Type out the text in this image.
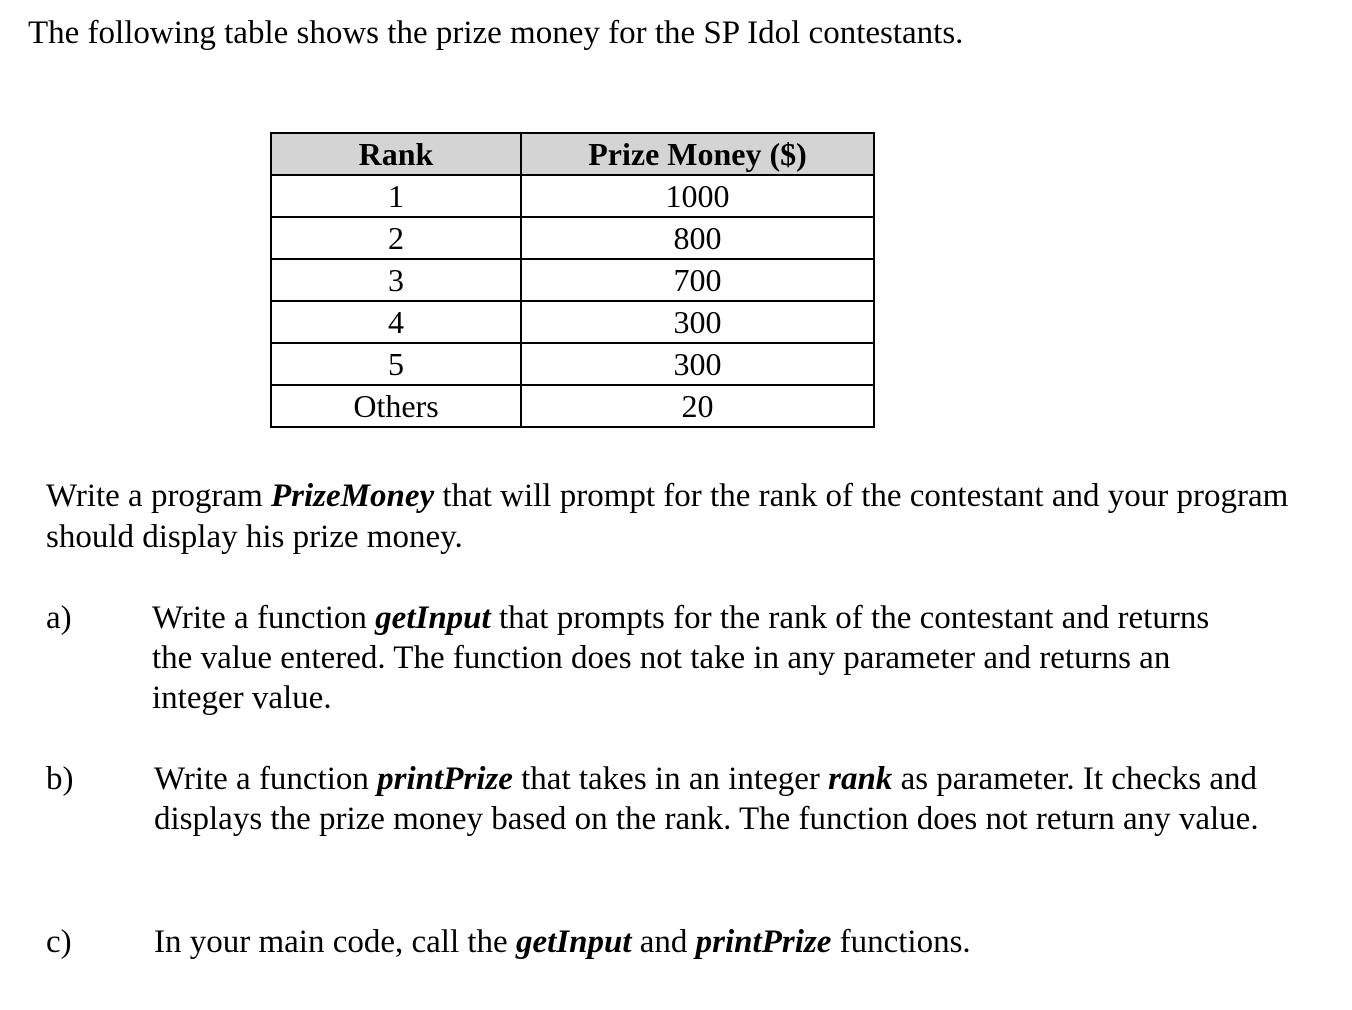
The following table shows the prize money for the SP Idol contestants.
Rank	Prize Money ($)
1	1000
2	800
3	700
4	300
5	300
Others	20
Write a program PrizeMoney that will prompt for the rank of the contestant and your program should display his prize money.
a) Write a function getInput that prompts for the rank of the contestant and returns the value entered. The function does not take in any parameter and returns an integer value.
b) Write a function printPrize that takes in an integer rank as parameter. It checks and displays the prize money based on the rank. The function does not return any value.
c) In your main code, call the getInput and printPrize functions.
